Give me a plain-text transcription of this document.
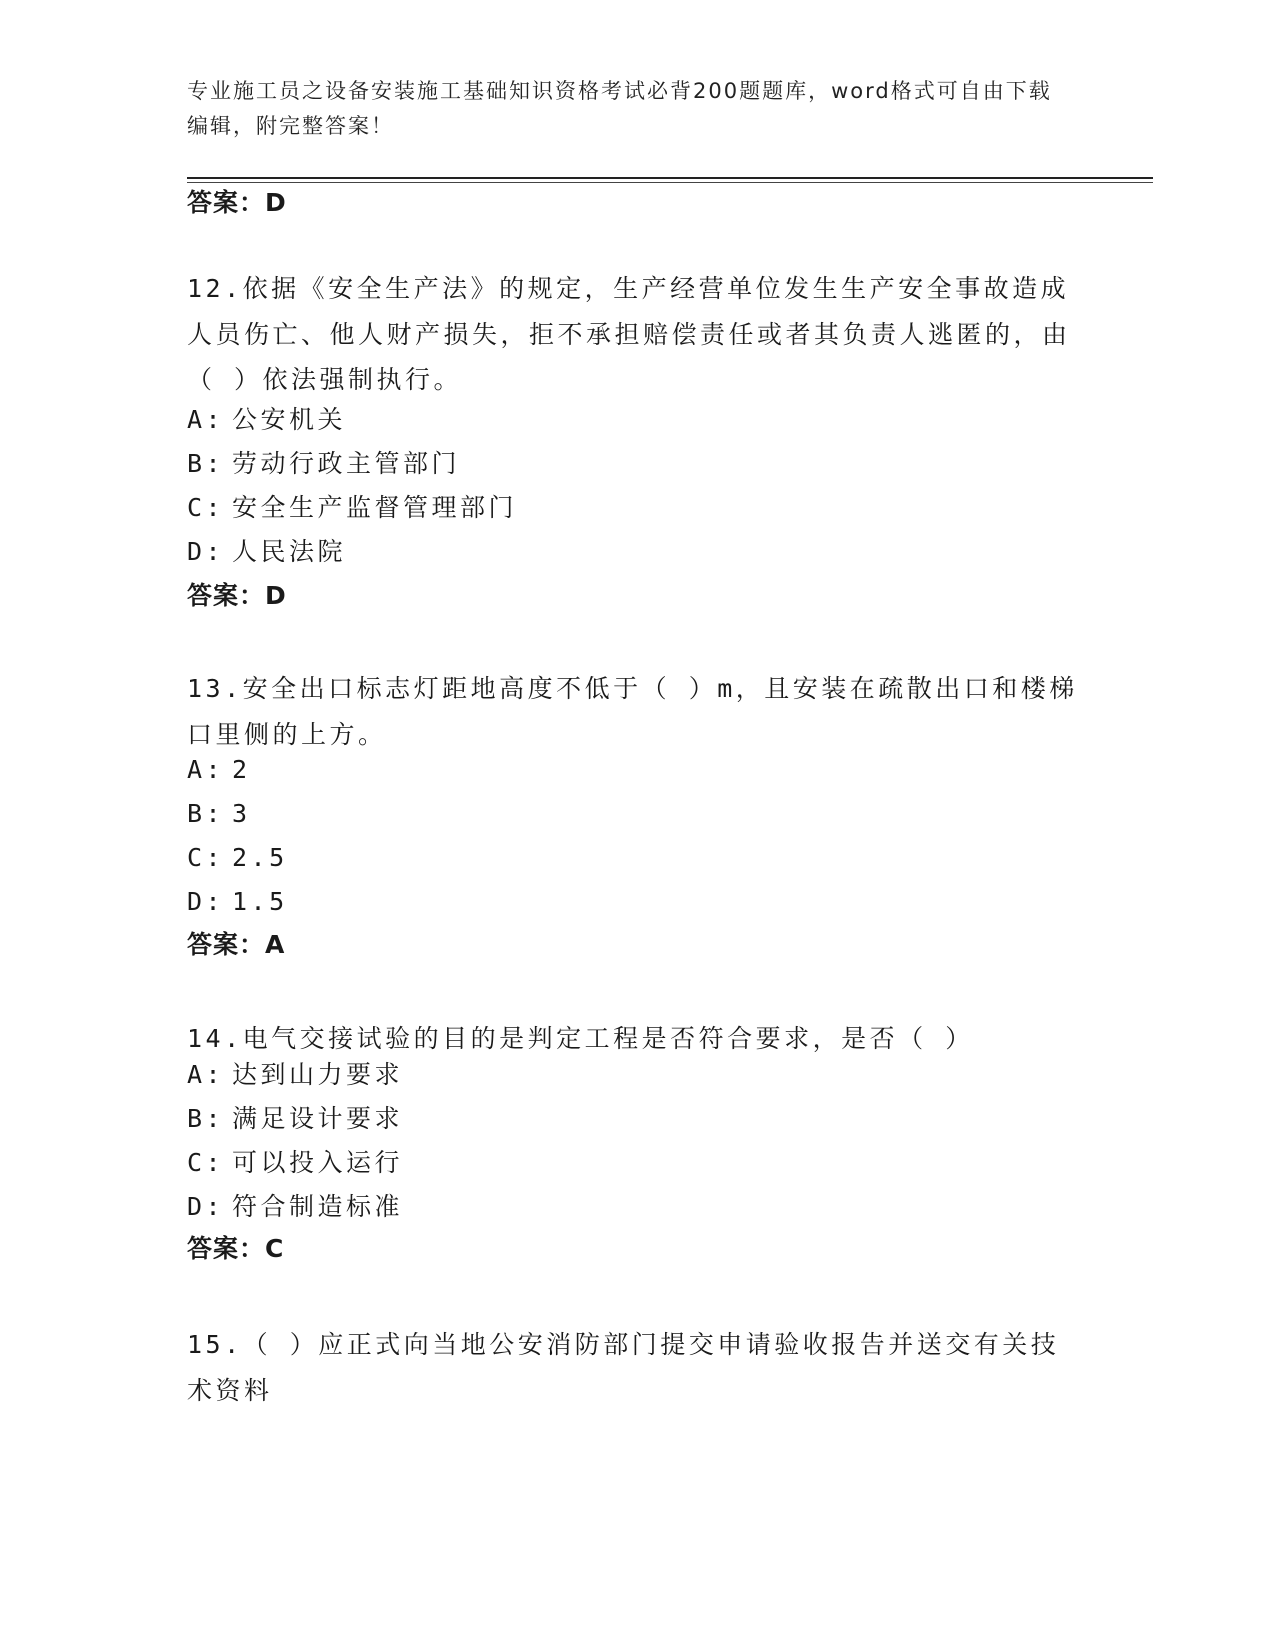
专业施工员之设备安装施工基础知识资格考试必背200题题库，word格式可自由下载编辑，附完整答案！
答案：D
12.依据《安全生产法》的规定，生产经营单位发生生产安全事故造成人员伤亡、他人财产损失，拒不承担赔偿责任或者其负责人逃匿的，由（ ）依法强制执行。
A: 公安机关
B: 劳动行政主管部门
C: 安全生产监督管理部门
D: 人民法院
答案：D
13.安全出口标志灯距地高度不低于（ ）m，且安装在疏散出口和楼梯口里侧的上方。
A: 2
B: 3
C: 2.5
D: 1.5
答案：A
14.电气交接试验的目的是判定工程是否符合要求，是否（ ）
A: 达到山力要求
B: 满足设计要求
C: 可以投入运行
D: 符合制造标准
答案：C
15.（ ）应正式向当地公安消防部门提交申请验收报告并送交有关技术资料
